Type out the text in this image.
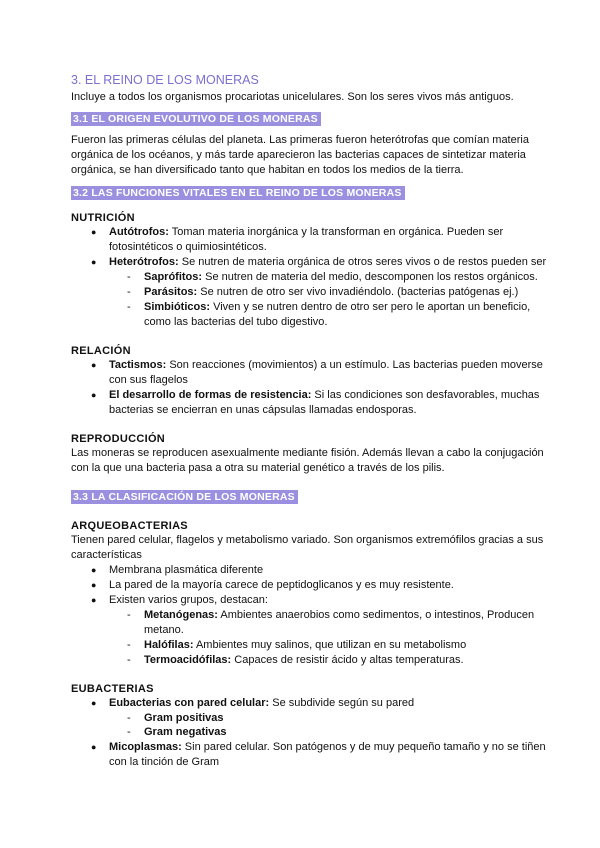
3. EL REINO DE LOS MONERAS
Incluye a todos los organismos procariotas unicelulares. Son los seres vivos más antiguos.
3.1 EL ORIGEN EVOLUTIVO DE LOS MONERAS
Fueron las primeras células del planeta. Las primeras fueron heterótrofas que comían materia orgánica de los océanos, y más tarde aparecieron las bacterias capaces de sintetizar materia orgánica, se han diversificado tanto que habitan en todos los medios de la tierra.
3.2 LAS FUNCIONES VITALES EN EL REINO DE LOS MONERAS
NUTRICIÓN
● Autótrofos: Toman materia inorgánica y la transforman en orgánica. Pueden ser fotosintéticos o quimiosintéticos.
● Heterótrofos: Se nutren de materia orgánica de otros seres vivos o de restos pueden ser
- Saprófitos: Se nutren de materia del medio, descomponen los restos orgánicos.
- Parásitos: Se nutren de otro ser vivo invadiéndolo. (bacterias patógenas ej.)
- Simbióticos: Viven y se nutren dentro de otro ser pero le aportan un beneficio, como las bacterias del tubo digestivo.
RELACIÓN
● Tactismos: Son reacciones (movimientos) a un estímulo. Las bacterias pueden moverse con sus flagelos
● El desarrollo de formas de resistencia: Si las condiciones son desfavorables, muchas bacterias se encierran en unas cápsulas llamadas endosporas.
REPRODUCCIÓN
Las moneras se reproducen asexualmente mediante fisión. Además llevan a cabo la conjugación con la que una bacteria pasa a otra su material genético a través de los pilis.
3.3 LA CLASIFICACIÓN DE LOS MONERAS
ARQUEOBACTERIAS
Tienen pared celular, flagelos y metabolismo variado. Son organismos extremófilos gracias a sus características
● Membrana plasmática diferente
● La pared de la mayoría carece de peptidoglicanos y es muy resistente.
● Existen varios grupos, destacan:
- Metanógenas: Ambientes anaerobios como sedimentos, o intestinos, Producen metano.
- Halófilas: Ambientes muy salinos, que utilizan en su metabolismo
- Termoacidófilas: Capaces de resistir ácido y altas temperaturas.
EUBACTERIAS
● Eubacterias con pared celular: Se subdivide según su pared
- Gram positivas
- Gram negativas
● Micoplasmas: Sin pared celular. Son patógenos y de muy pequeño tamaño y no se tiñen con la tinción de Gram
